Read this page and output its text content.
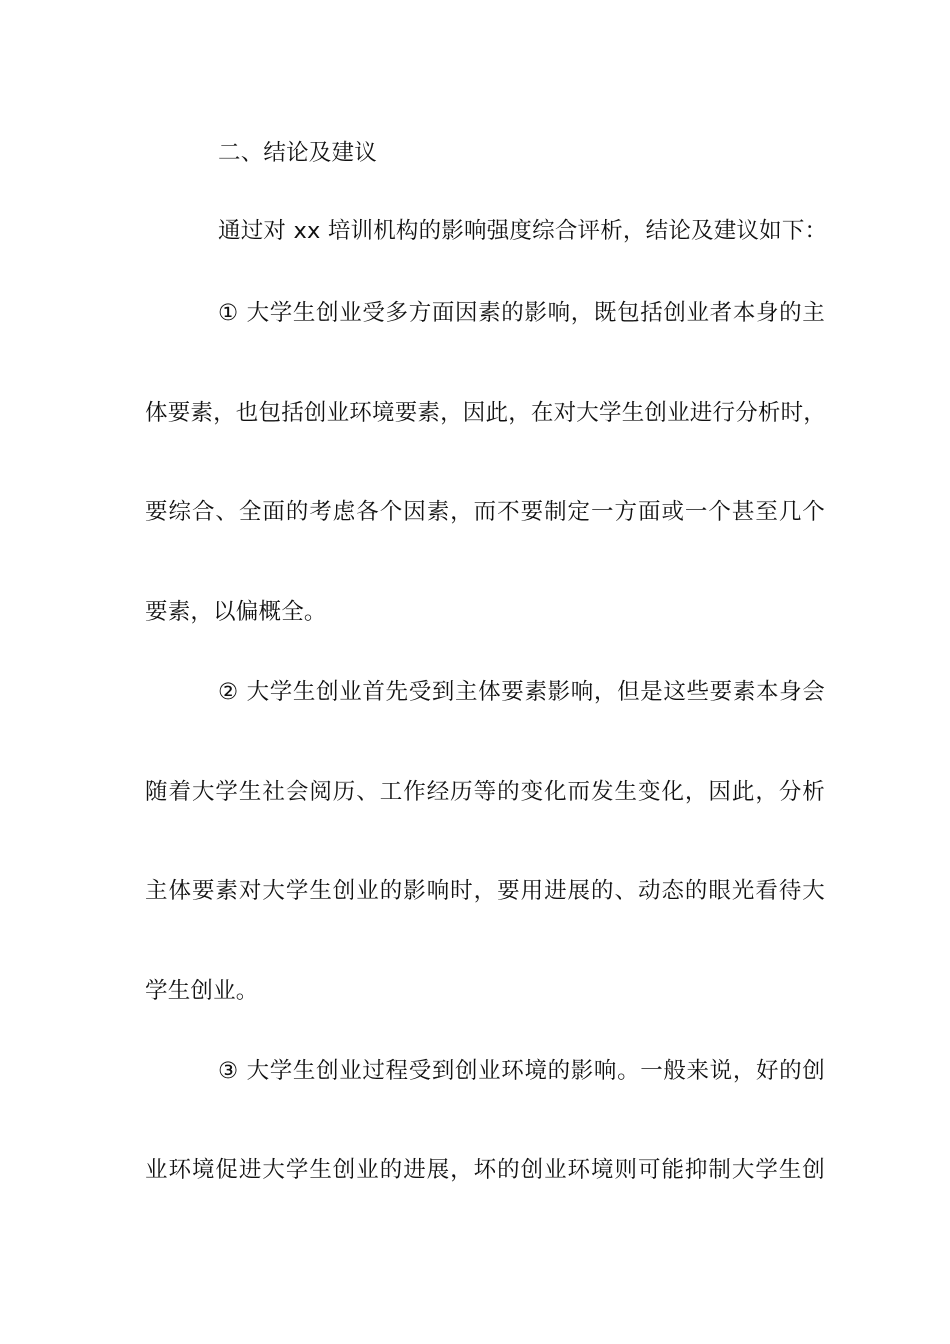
二、结论及建议
通过对 xx 培训机构的影响强度综合评析，结论及建议如下：
① 大学生创业受多方面因素的影响，既包括创业者本身的主
体要素，也包括创业环境要素，因此，在对大学生创业进行分析时，
要综合、全面的考虑各个因素，而不要制定一方面或一个甚至几个
要素，以偏概全。
② 大学生创业首先受到主体要素影响，但是这些要素本身会
随着大学生社会阅历、工作经历等的变化而发生变化，因此，分析
主体要素对大学生创业的影响时，要用进展的、动态的眼光看待大
学生创业。
③ 大学生创业过程受到创业环境的影响。一般来说，好的创
业环境促进大学生创业的进展，坏的创业环境则可能抑制大学生创
